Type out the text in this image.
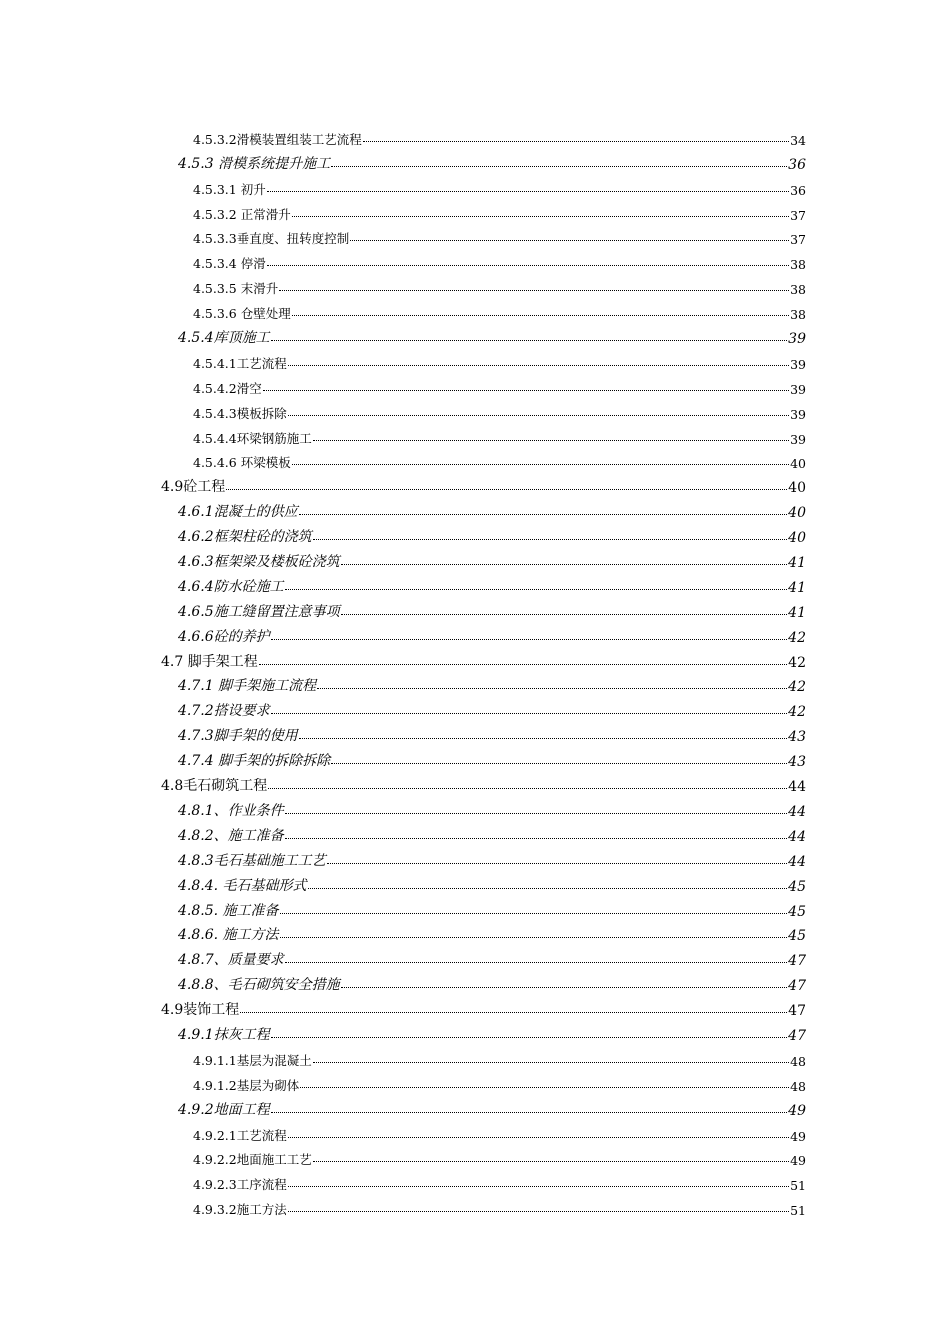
4.5.3.2滑模装置组装工艺流程	34
4.5.3 滑模系统提升施工	36
4.5.3.1 初升	36
4.5.3.2 正常滑升	37
4.5.3.3垂直度、扭转度控制	37
4.5.3.4 停滑	38
4.5.3.5 末滑升	38
4.5.3.6 仓壁处理	38
4.5.4库顶施工	39
4.5.4.1工艺流程	39
4.5.4.2滑空	39
4.5.4.3模板拆除	39
4.5.4.4环梁钢筋施工	39
4.5.4.6 环梁模板	40
4.9砼工程	40
4.6.1混凝土的供应	40
4.6.2框架柱砼的浇筑	40
4.6.3框架梁及楼板砼浇筑	41
4.6.4防水砼施工	41
4.6.5施工缝留置注意事项	41
4.6.6砼的养护	42
4.7 脚手架工程	42
4.7.1 脚手架施工流程	42
4.7.2搭设要求	42
4.7.3脚手架的使用	43
4.7.4 脚手架的拆除拆除	43
4.8毛石砌筑工程	44
4.8.1、作业条件	44
4.8.2、施工准备	44
4.8.3毛石基础施工工艺	44
4.8.4. 毛石基础形式	45
4.8.5. 施工准备	45
4.8.6. 施工方法	45
4.8.7、质量要求	47
4.8.8、毛石砌筑安全措施	47
4.9装饰工程	47
4.9.1抹灰工程	47
4.9.1.1基层为混凝土	48
4.9.1.2基层为砌体	48
4.9.2地面工程	49
4.9.2.1工艺流程	49
4.9.2.2地面施工工艺	49
4.9.2.3工序流程	51
4.9.3.2施工方法	51
